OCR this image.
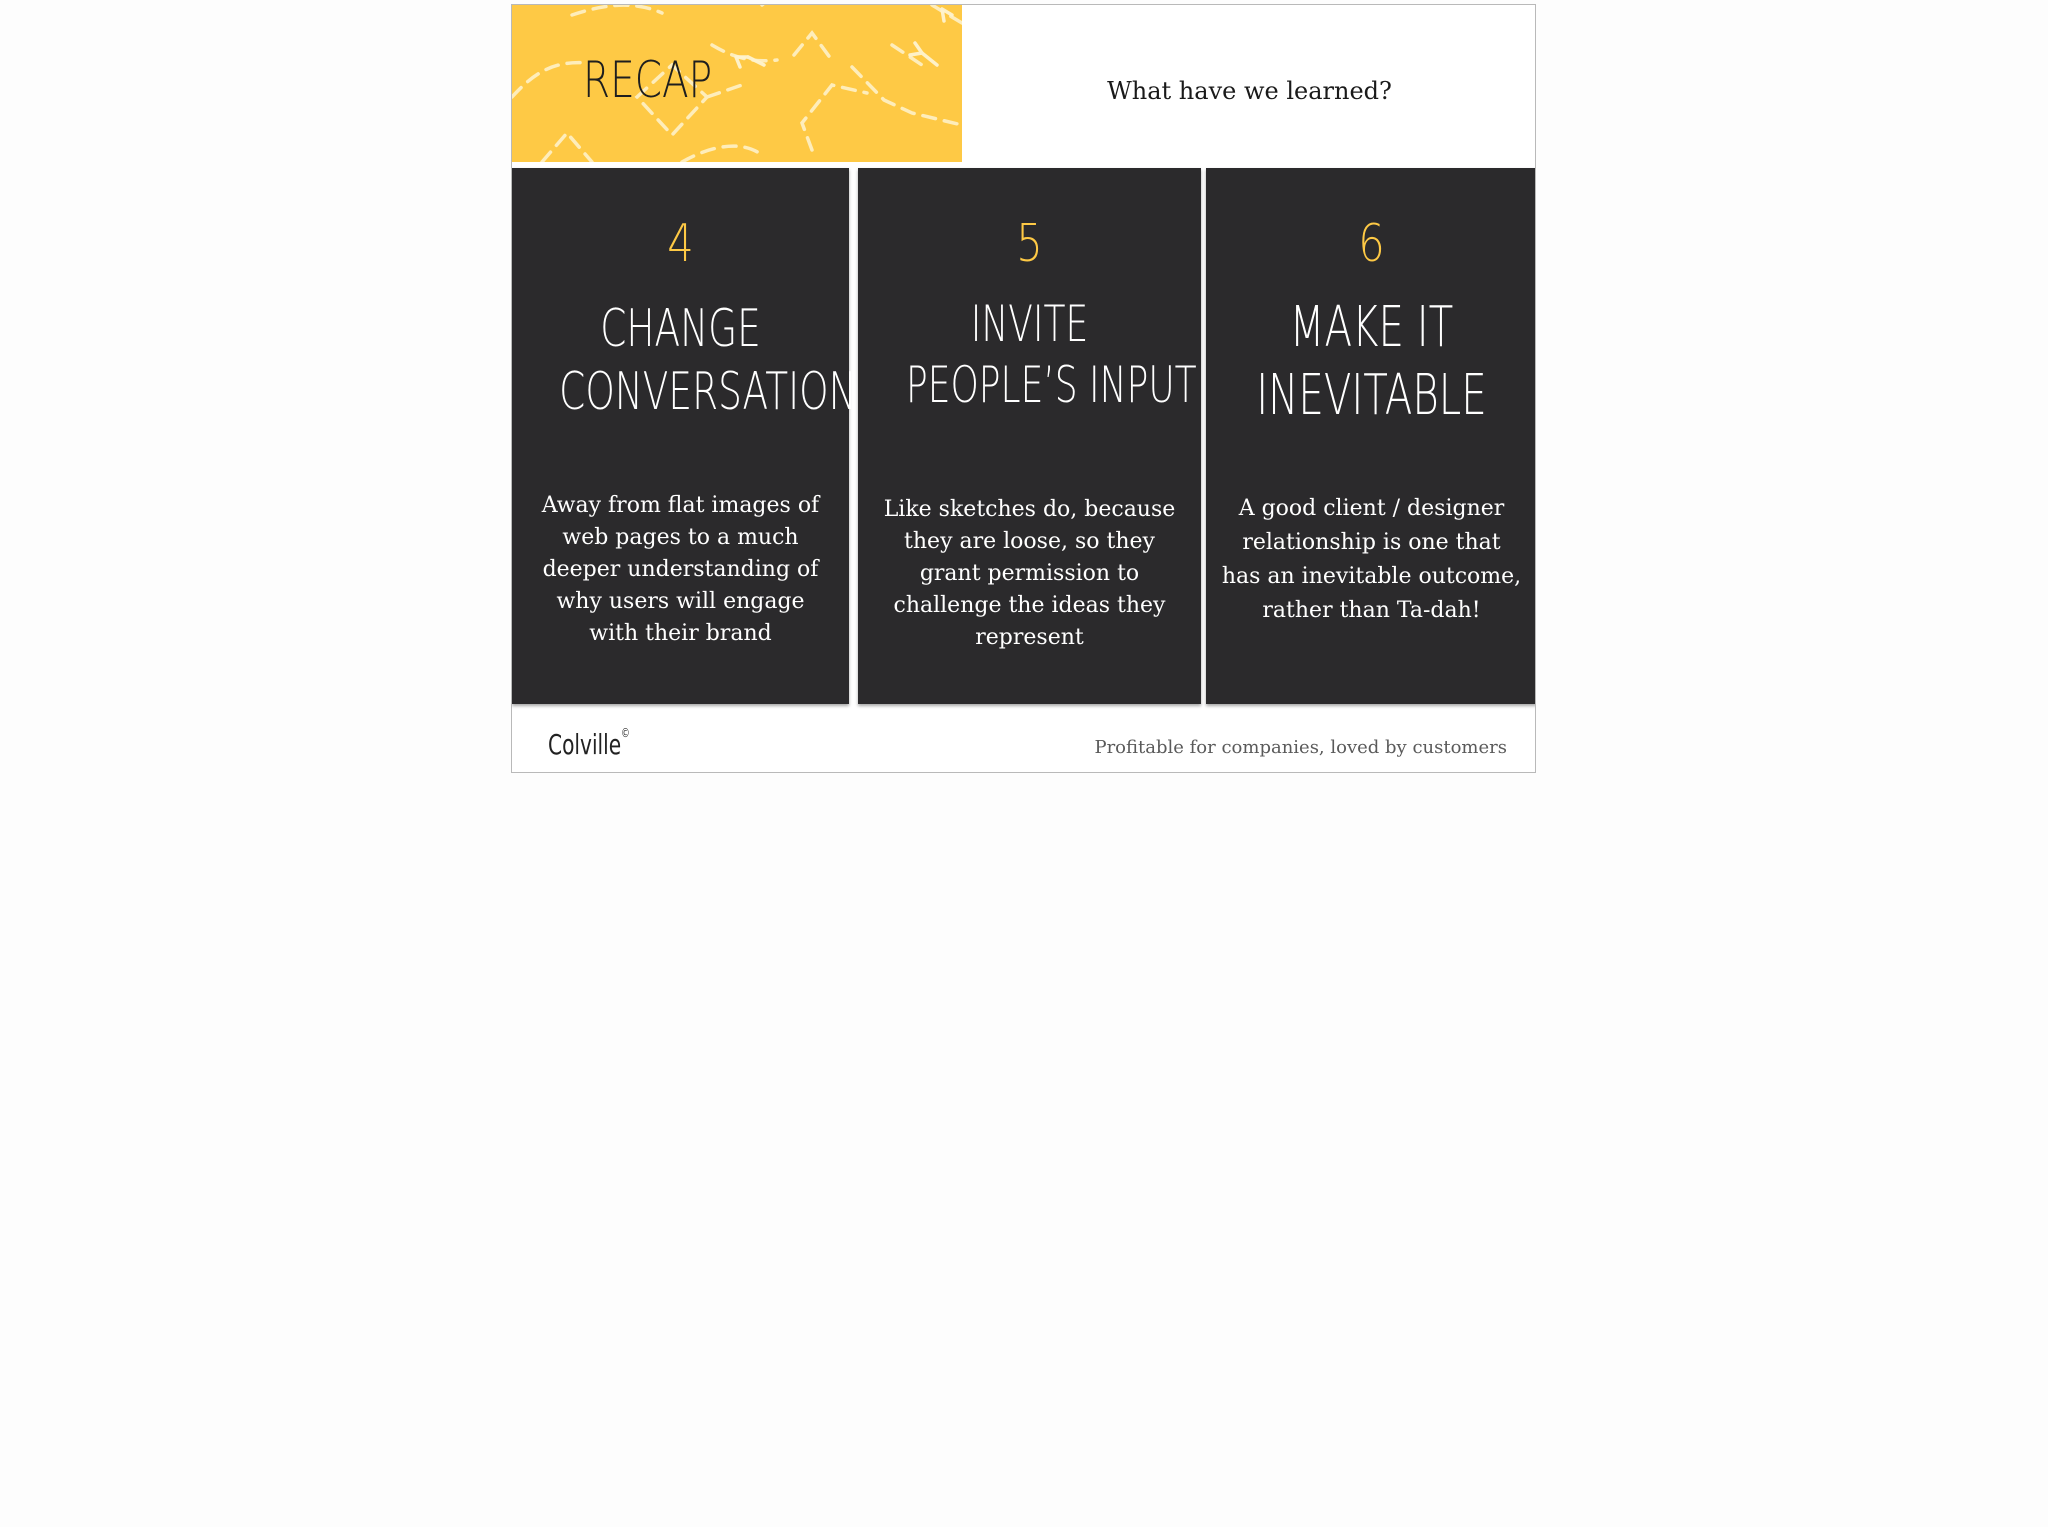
RECAP	What have we learned?
4
CHANGE
CONVERSATION
Away from flat images of
web pages to a much
deeper understanding of
why users will engage
with their brand
5
INVITE
PEOPLE’S INPUT
Like sketches do, because
they are loose, so they
grant permission to
challenge the ideas they
represent
6
MAKE IT
INEVITABLE
A good client / designer
relationship is one that
has an inevitable outcome,
rather than Ta-dah!
Colville©
Profitable for companies, loved by customers
